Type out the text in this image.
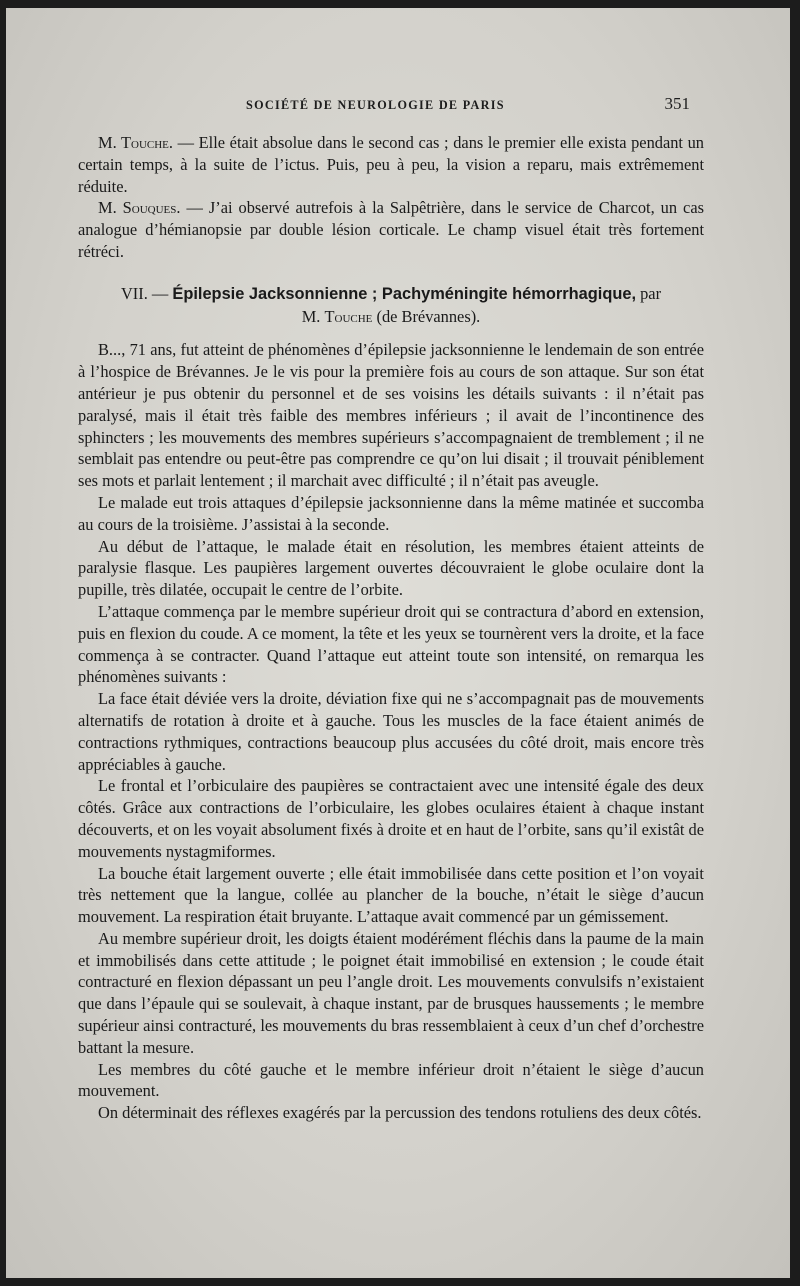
SOCIÉTÉ DE NEUROLOGIE DE PARIS	351

M. Touche. — Elle était absolue dans le second cas ; dans le premier elle exista pendant un certain temps, à la suite de l’ictus. Puis, peu à peu, la vision a reparu, mais extrêmement réduite.

M. Souques. — J’ai observé autrefois à la Salpêtrière, dans le service de Charcot, un cas analogue d’hémianopsie par double lésion corticale. Le champ visuel était très fortement rétréci.

VII. — Épilepsie Jacksonnienne ; Pachyméningite hémorrhagique, par
M. Touche (de Brévannes).

B..., 71 ans, fut atteint de phénomènes d’épilepsie jacksonnienne le lendemain de son entrée à l’hospice de Brévannes. Je le vis pour la première fois au cours de son attaque. Sur son état antérieur je pus obtenir du personnel et de ses voisins les détails suivants : il n’était pas paralysé, mais il était très faible des membres inférieurs ; il avait de l’incontinence des sphincters ; les mouvements des membres supérieurs s’accompagnaient de tremblement ; il ne semblait pas entendre ou peut-être pas comprendre ce qu’on lui disait ; il trouvait péniblement ses mots et parlait lentement ; il marchait avec difficulté ; il n’était pas aveugle.

Le malade eut trois attaques d’épilepsie jacksonnienne dans la même matinée et succomba au cours de la troisième. J’assistai à la seconde.

Au début de l’attaque, le malade était en résolution, les membres étaient atteints de paralysie flasque. Les paupières largement ouvertes découvraient le globe oculaire dont la pupille, très dilatée, occupait le centre de l’orbite.

L’attaque commença par le membre supérieur droit qui se contractura d’abord en extension, puis en flexion du coude. A ce moment, la tête et les yeux se tournèrent vers la droite, et la face commença à se contracter. Quand l’attaque eut atteint toute son intensité, on remarqua les phénomènes suivants :

La face était déviée vers la droite, déviation fixe qui ne s’accompagnait pas de mouvements alternatifs de rotation à droite et à gauche. Tous les muscles de la face étaient animés de contractions rythmiques, contractions beaucoup plus accusées du côté droit, mais encore très appréciables à gauche.

Le frontal et l’orbiculaire des paupières se contractaient avec une intensité égale des deux côtés. Grâce aux contractions de l’orbiculaire, les globes oculaires étaient à chaque instant découverts, et on les voyait absolument fixés à droite et en haut de l’orbite, sans qu’il existât de mouvements nystagmiformes.

La bouche était largement ouverte ; elle était immobilisée dans cette position et l’on voyait très nettement que la langue, collée au plancher de la bouche, n’était le siège d’aucun mouvement. La respiration était bruyante. L’attaque avait commencé par un gémissement.

Au membre supérieur droit, les doigts étaient modérément fléchis dans la paume de la main et immobilisés dans cette attitude ; le poignet était immobilisé en extension ; le coude était contracturé en flexion dépassant un peu l’angle droit. Les mouvements convulsifs n’existaient que dans l’épaule qui se soulevait, à chaque instant, par de brusques haussements ; le membre supérieur ainsi contracturé, les mouvements du bras ressemblaient à ceux d’un chef d’orchestre battant la mesure.

Les membres du côté gauche et le membre inférieur droit n’étaient le siège d’aucun mouvement.

On déterminait des réflexes exagérés par la percussion des tendons rotuliens des deux côtés.
